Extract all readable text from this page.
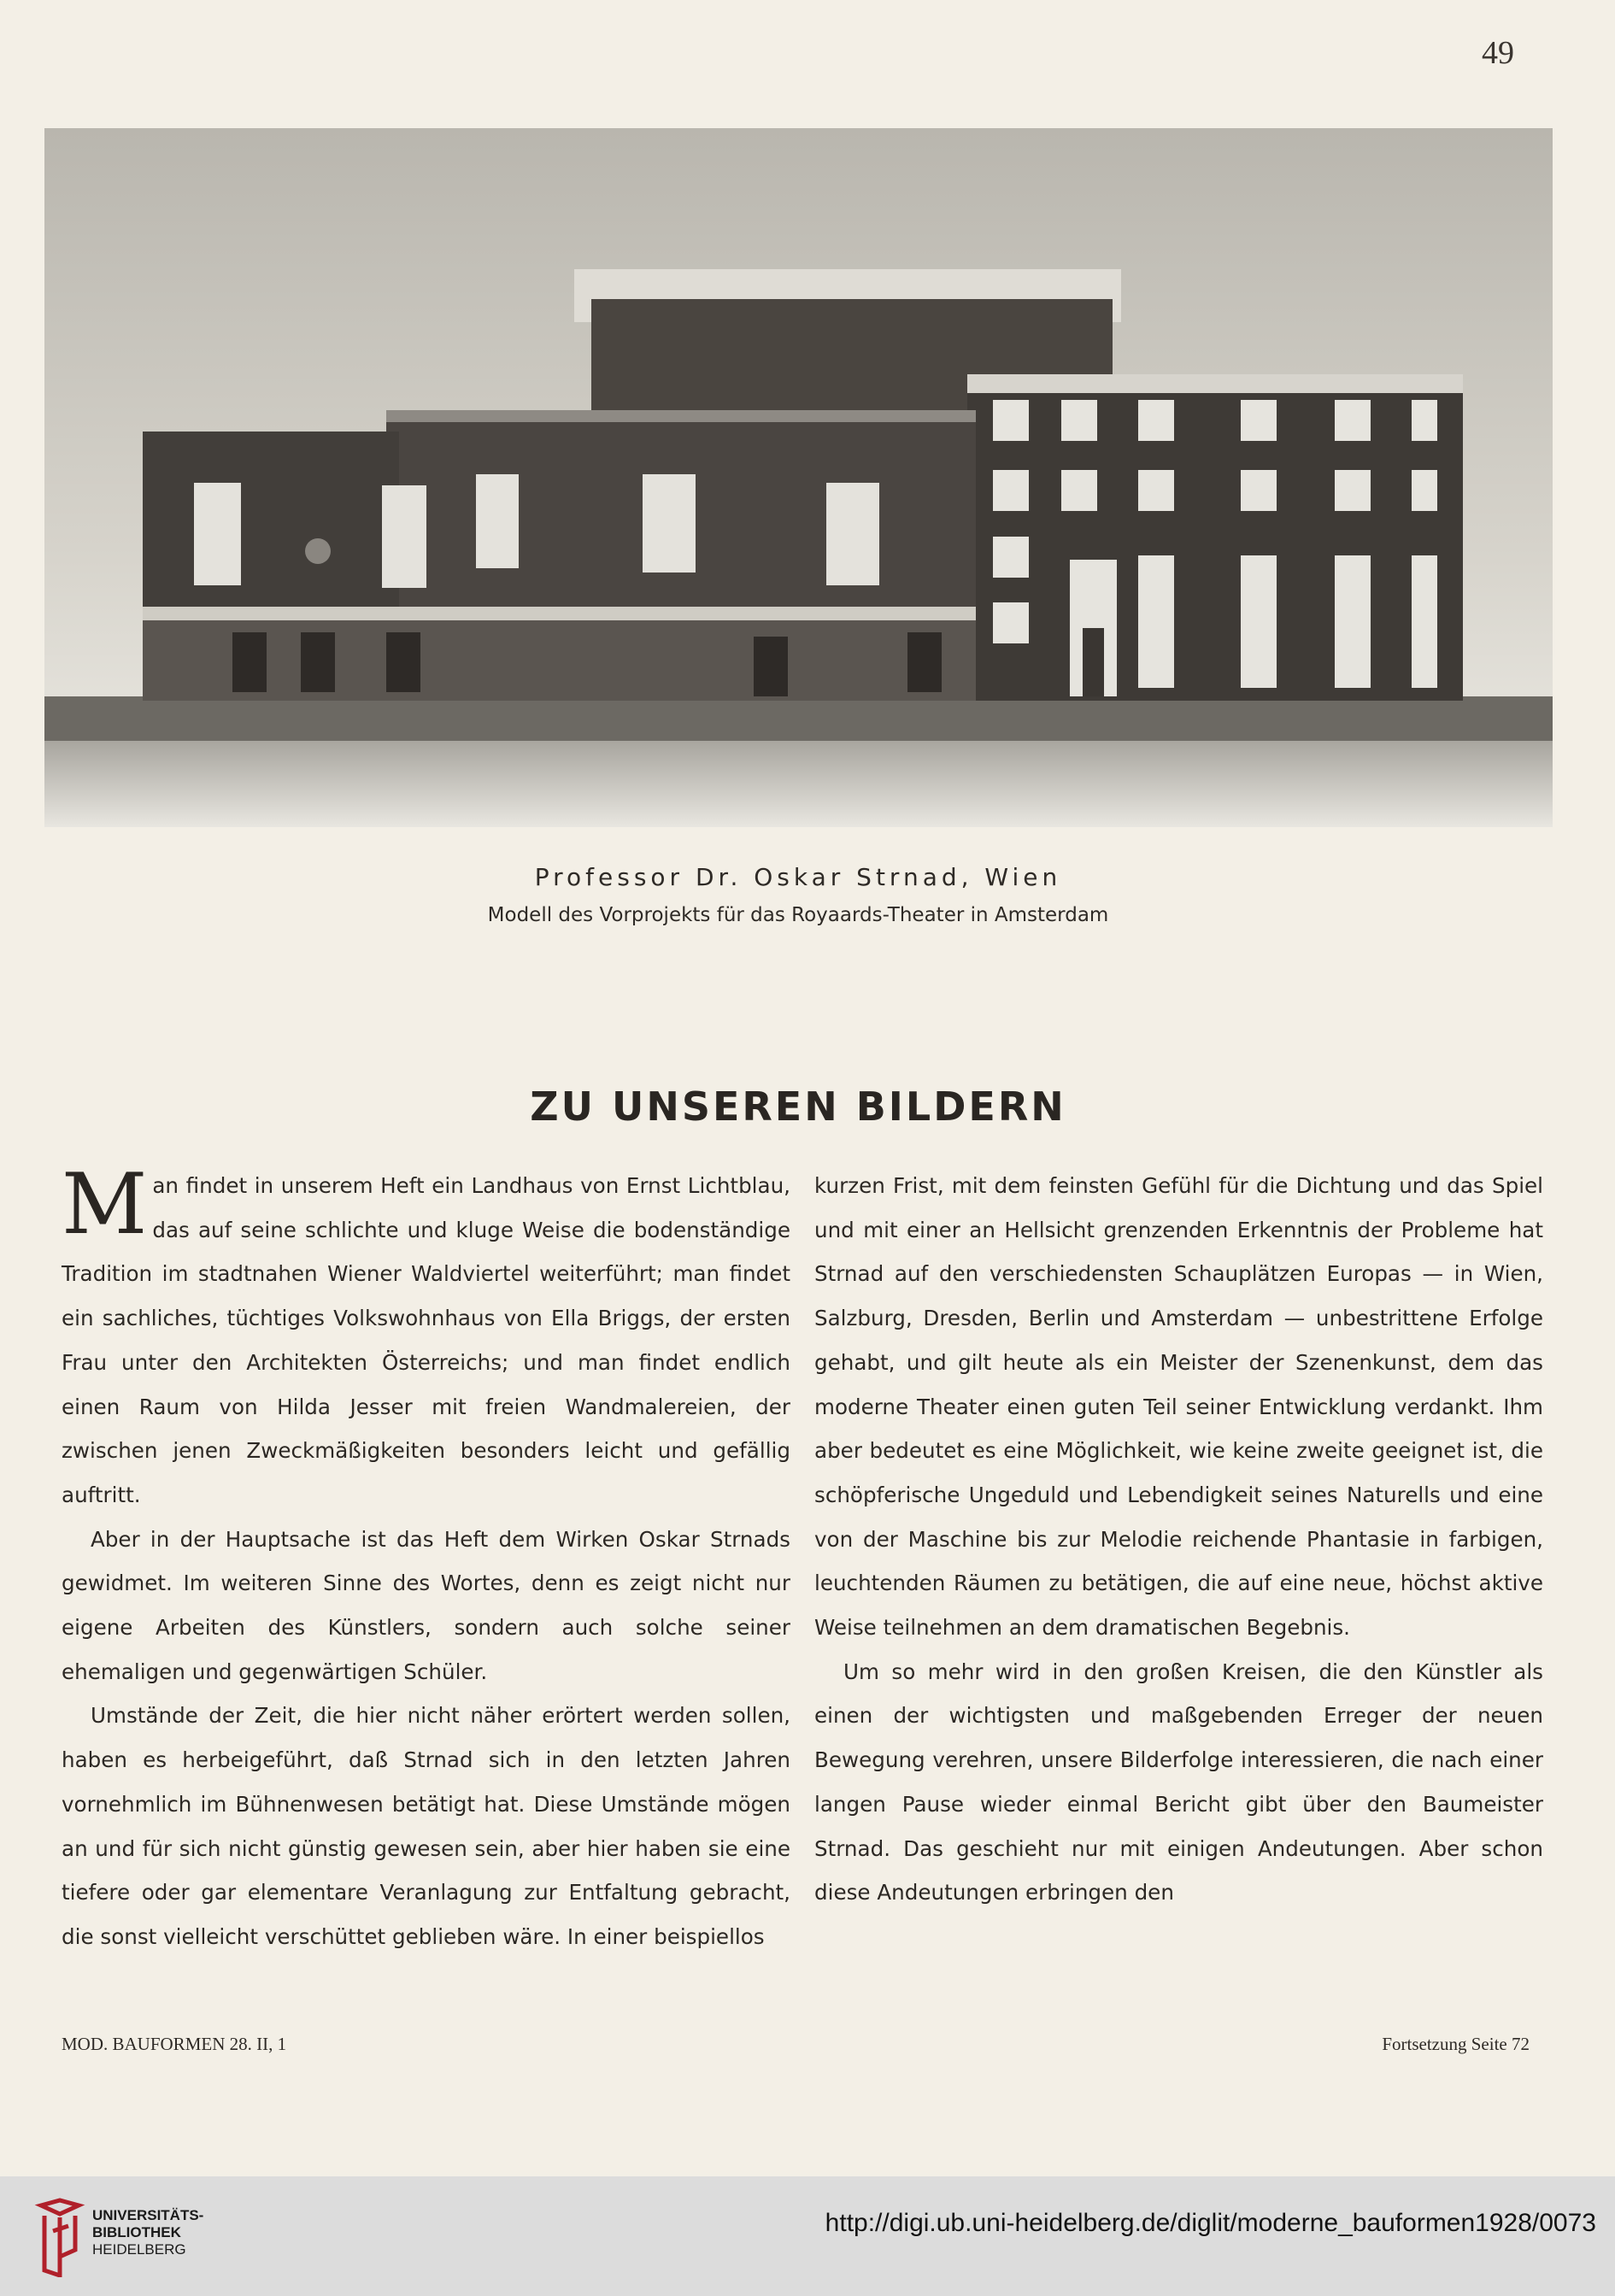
49
Professor Dr. Oskar Strnad, Wien
Modell des Vorprojekts für das Royaards-Theater in Amsterdam
ZU UNSEREN BILDERN

Man findet in unserem Heft ein Landhaus von Ernst Lichtblau, das auf seine schlichte und kluge Weise die bodenständige Tradition im stadtnahen Wiener Waldviertel weiterführt; man findet ein sachliches, tüchtiges Volkswohnhaus von Ella Briggs, der ersten Frau unter den Architekten Österreichs; und man findet endlich einen Raum von Hilda Jesser mit freien Wandmalereien, der zwischen jenen Zweckmäßigkeiten besonders leicht und gefällig auftritt.

Aber in der Hauptsache ist das Heft dem Wirken Oskar Strnads gewidmet. Im weiteren Sinne des Wortes, denn es zeigt nicht nur eigene Arbeiten des Künstlers, sondern auch solche seiner ehemaligen und gegenwärtigen Schüler.

Umstände der Zeit, die hier nicht näher erörtert werden sollen, haben es herbeigeführt, daß Strnad sich in den letzten Jahren vornehmlich im Bühnenwesen betätigt hat. Diese Umstände mögen an und für sich nicht günstig gewesen sein, aber hier haben sie eine tiefere oder gar elementare Veranlagung zur Entfaltung gebracht, die sonst vielleicht verschüttet geblieben wäre. In einer beispiellos

kurzen Frist, mit dem feinsten Gefühl für die Dichtung und das Spiel und mit einer an Hellsicht grenzenden Erkenntnis der Probleme hat Strnad auf den verschiedensten Schauplätzen Europas — in Wien, Salzburg, Dresden, Berlin und Amsterdam — unbestrittene Erfolge gehabt, und gilt heute als ein Meister der Szenenkunst, dem das moderne Theater einen guten Teil seiner Entwicklung verdankt. Ihm aber bedeutet es eine Möglichkeit, wie keine zweite geeignet ist, die schöpferische Ungeduld und Lebendigkeit seines Naturells und eine von der Maschine bis zur Melodie reichende Phantasie in farbigen, leuchtenden Räumen zu betätigen, die auf eine neue, höchst aktive Weise teilnehmen an dem dramatischen Begebnis.

Um so mehr wird in den großen Kreisen, die den Künstler als einen der wichtigsten und maßgebenden Erreger der neuen Bewegung verehren, unsere Bilderfolge interessieren, die nach einer langen Pause wieder einmal Bericht gibt über den Baumeister Strnad. Das geschieht nur mit einigen Andeutungen. Aber schon diese Andeutungen erbringen den

MOD. BAUFORMEN 28. II, 1	Fortsetzung Seite 72
UNIVERSITÄTS-
BIBLIOTHEK
HEIDELBERG
http://digi.ub.uni-heidelberg.de/diglit/moderne_bauformen1928/0073
